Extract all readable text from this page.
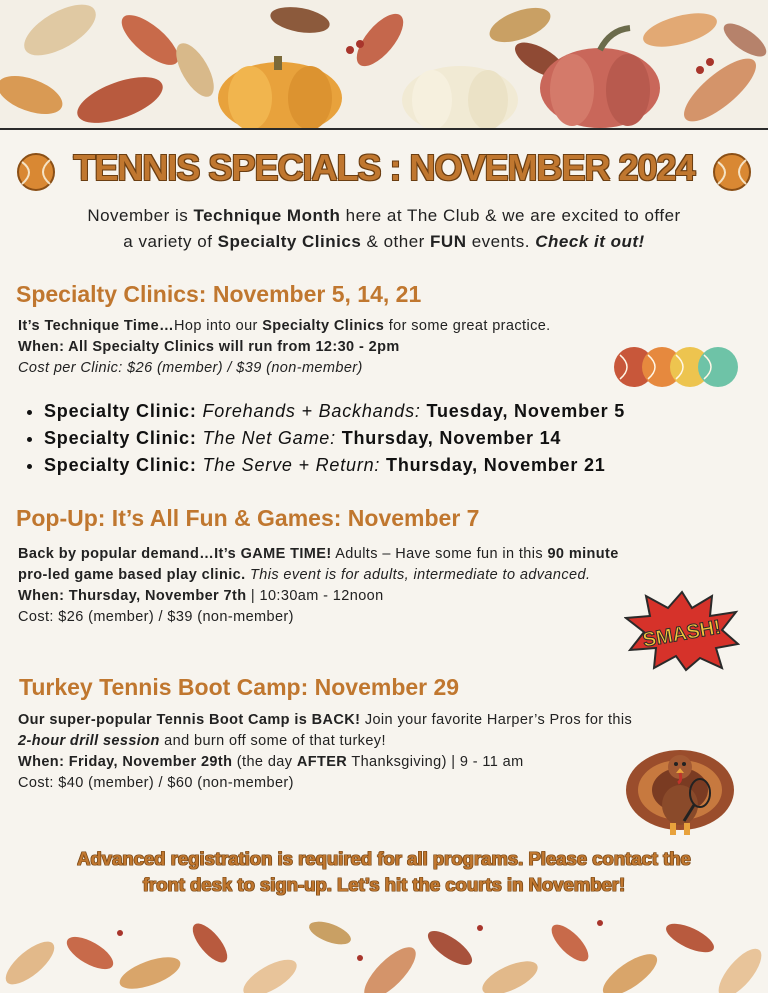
TENNIS SPECIALS : NOVEMBER 2024
November is Technique Month here at The Club & we are excited to offer
a variety of Specialty Clinics & other FUN events. Check it out!
Specialty Clinics: November 5, 14, 21
It’s Technique Time…Hop into our Specialty Clinics for some great practice.
When: All Specialty Clinics will run from 12:30 - 2pm
Cost per Clinic: $26 (member) / $39 (non-member)
• Specialty Clinic: Forehands + Backhands: Tuesday, November 5
• Specialty Clinic: The Net Game: Thursday, November 14
• Specialty Clinic: The Serve + Return: Thursday, November 21
Pop-Up: It’s All Fun & Games: November 7
Back by popular demand…It’s GAME TIME! Adults – Have some fun in this 90 minute
pro-led game based play clinic. This event is for adults, intermediate to advanced.
When: Thursday, November 7th | 10:30am - 12noon
Cost: $26 (member) / $39 (non-member)	SMASH!
Turkey Tennis Boot Camp: November 29
Our super-popular Tennis Boot Camp is BACK! Join your favorite Harper’s Pros for this
2-hour drill session and burn off some of that turkey!
When: Friday, November 29th (the day AFTER Thanksgiving) | 9 - 11 am
Cost: $40 (member) / $60 (non-member)
Advanced registration is required for all programs. Please contact the
front desk to sign-up. Let’s hit the courts in November!
